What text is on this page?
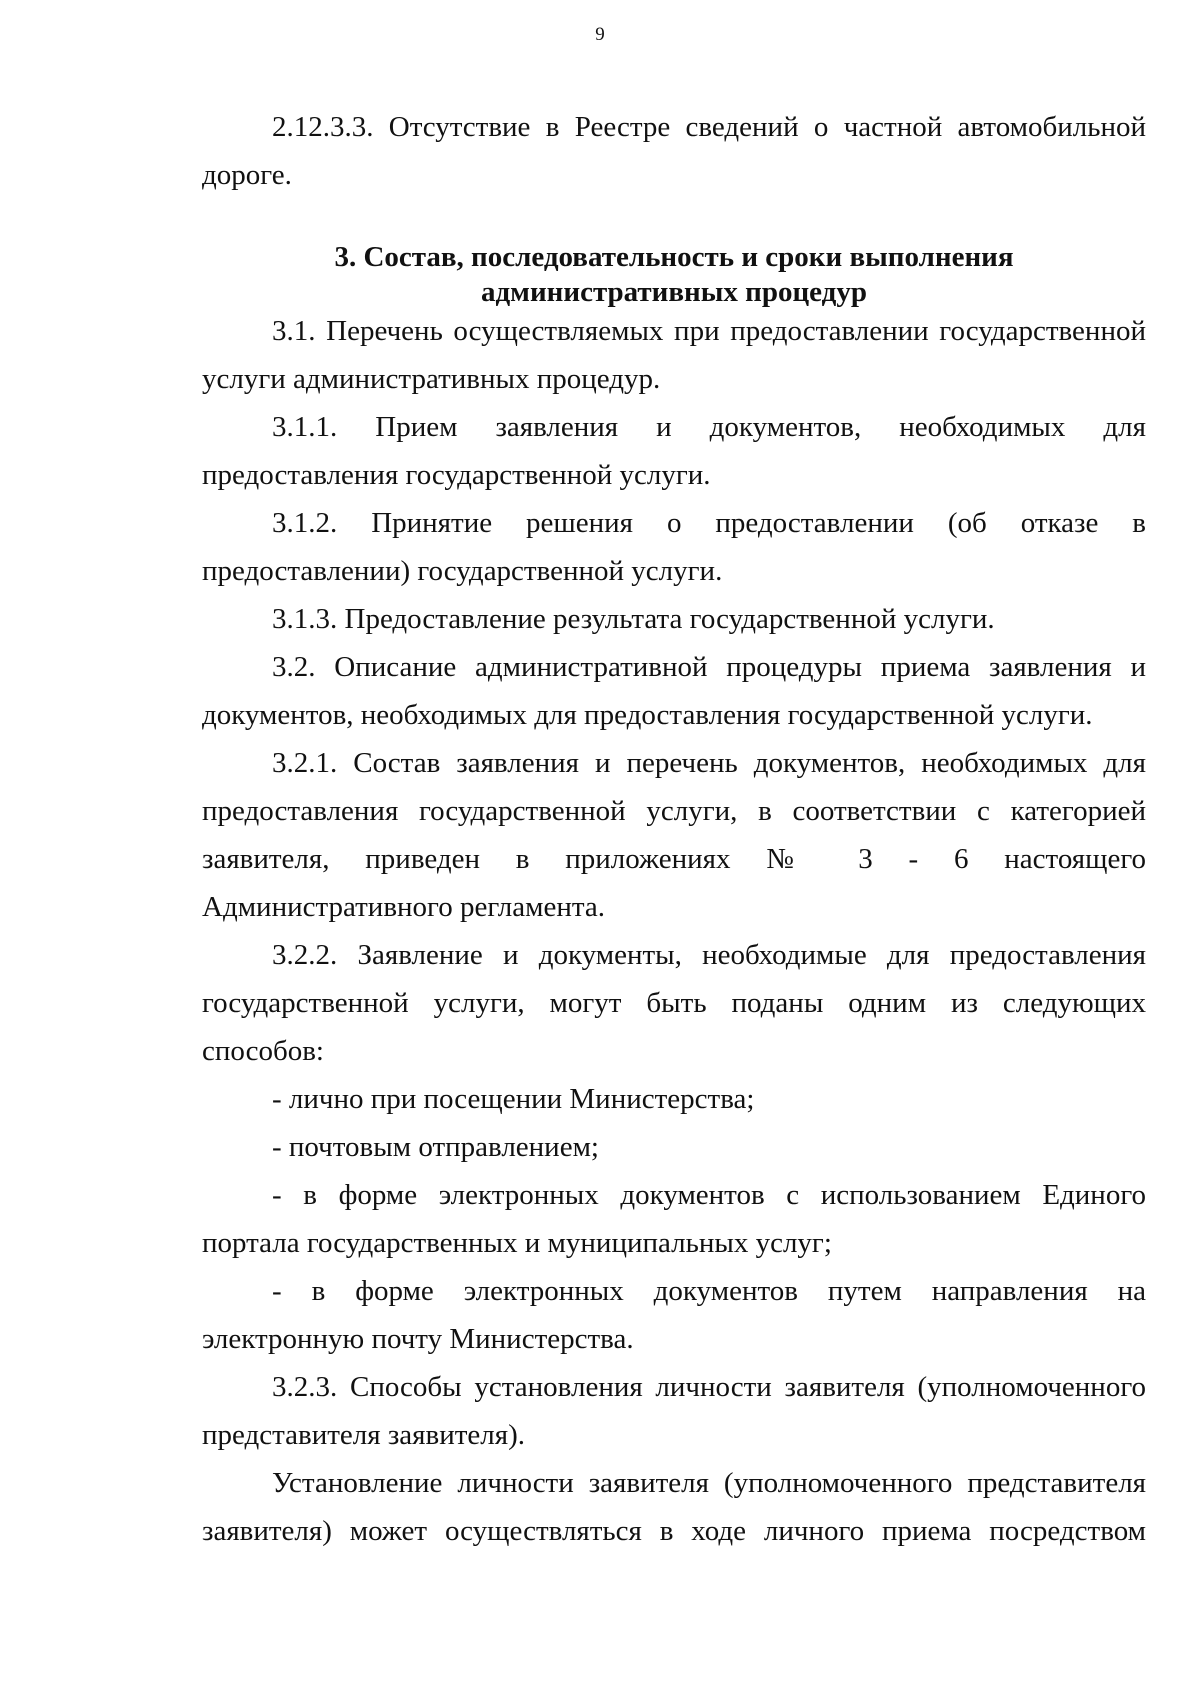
9

2.12.3.3. Отсутствие в Реестре сведений о частной автомобильной дороге.

3. Состав, последовательность и сроки выполнения
административных процедур

3.1. Перечень осуществляемых при предоставлении государственной услуги административных процедур.

3.1.1. Прием заявления и документов, необходимых для предоставления государственной услуги.

3.1.2. Принятие решения о предоставлении (об отказе в предоставлении) государственной услуги.

3.1.3. Предоставление результата государственной услуги.

3.2. Описание административной процедуры приема заявления и документов, необходимых для предоставления государственной услуги.

3.2.1. Состав заявления и перечень документов, необходимых для предоставления государственной услуги, в соответствии с категорией заявителя, приведен в приложениях № 3 - 6 настоящего Административного регламента.

3.2.2. Заявление и документы, необходимые для предоставления государственной услуги, могут быть поданы одним из следующих способов:

- лично при посещении Министерства;

- почтовым отправлением;

- в форме электронных документов с использованием Единого портала государственных и муниципальных услуг;

- в форме электронных документов путем направления на электронную почту Министерства.

3.2.3. Способы установления личности заявителя (уполномоченного представителя заявителя).

Установление личности заявителя (уполномоченного представителя заявителя) может осуществляться в ходе личного приема посредством
